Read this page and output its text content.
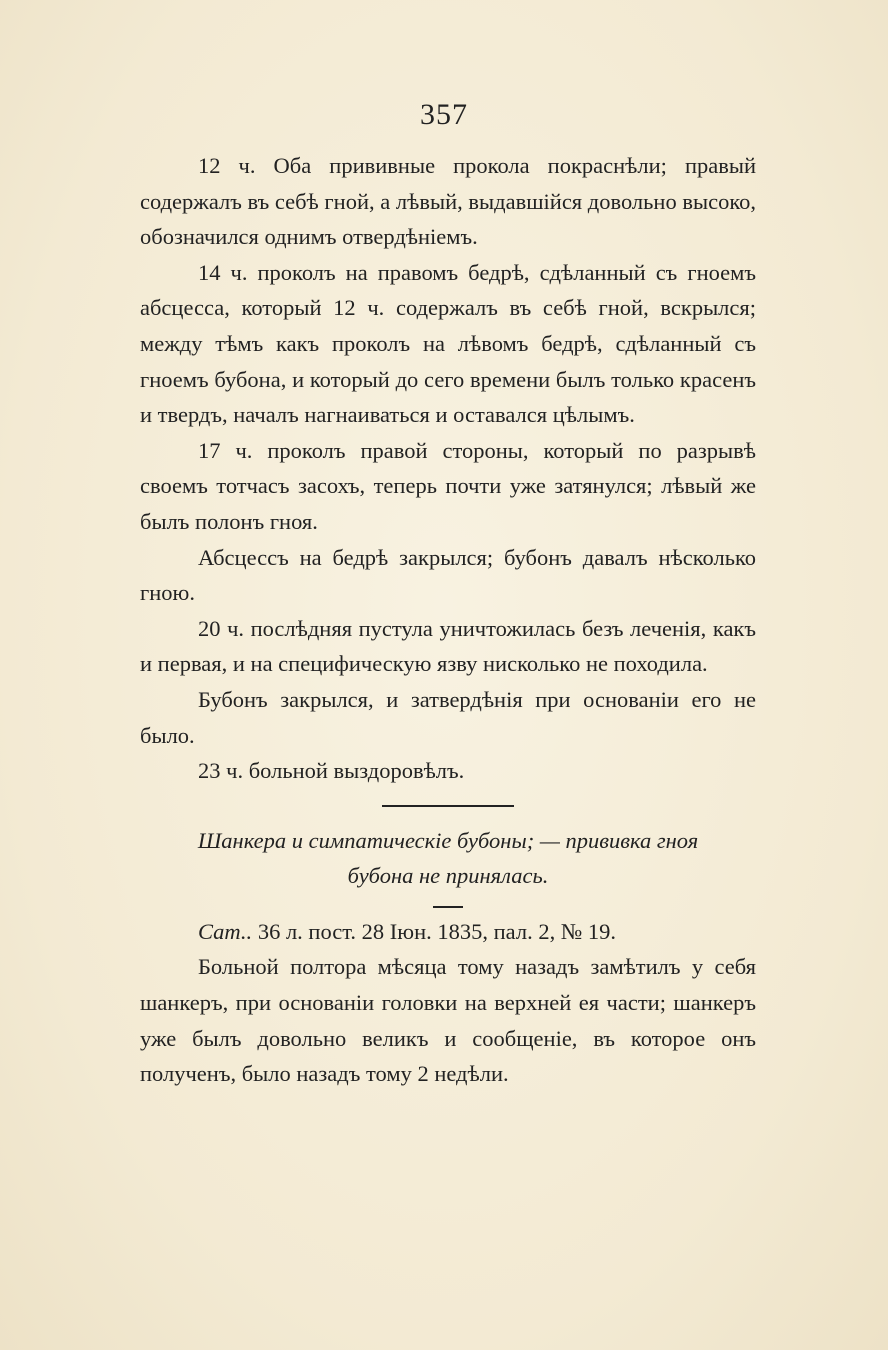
357

12 ч. Оба прививные прокола покраснѣли; правый содержалъ въ себѣ гной, а лѣвый, выдавшійся довольно высоко, обозначился однимъ отвердѣніемъ.

14 ч. проколъ на правомъ бедрѣ, сдѣланный съ гноемъ абсцесса, который 12 ч. содержалъ въ себѣ гной, вскрылся; между тѣмъ какъ проколъ на лѣвомъ бедрѣ, сдѣланный съ гноемъ бубона, и который до сего времени былъ только красенъ и твердъ, началъ нагнаиваться и оставался цѣлымъ.

17 ч. проколъ правой стороны, который по разрывѣ своемъ тотчасъ засохъ, теперь почти уже затянулся; лѣвый же былъ полонъ гноя.

Абсцессъ на бедрѣ закрылся; бубонъ давалъ нѣсколько гною.

20 ч. послѣдняя пустула уничтожилась безъ леченія, какъ и первая, и на специфическую язву нисколько не походила.

Бубонъ закрылся, и затвердѣнія при основаніи его не было.

23 ч. больной выздоровѣлъ.

Шанкера и симпатическіе бубоны; — прививка гноя
бубона не принялась.

Сат.. 36 л. пост. 28 Іюн. 1835, пал. 2, № 19.

Больной полтора мѣсяца тому назадъ замѣтилъ у себя шанкеръ, при основаніи головки на верхней ея части; шанкеръ уже былъ довольно великъ и сообщеніе, въ которое онъ полученъ, было назадъ тому 2 недѣли.
